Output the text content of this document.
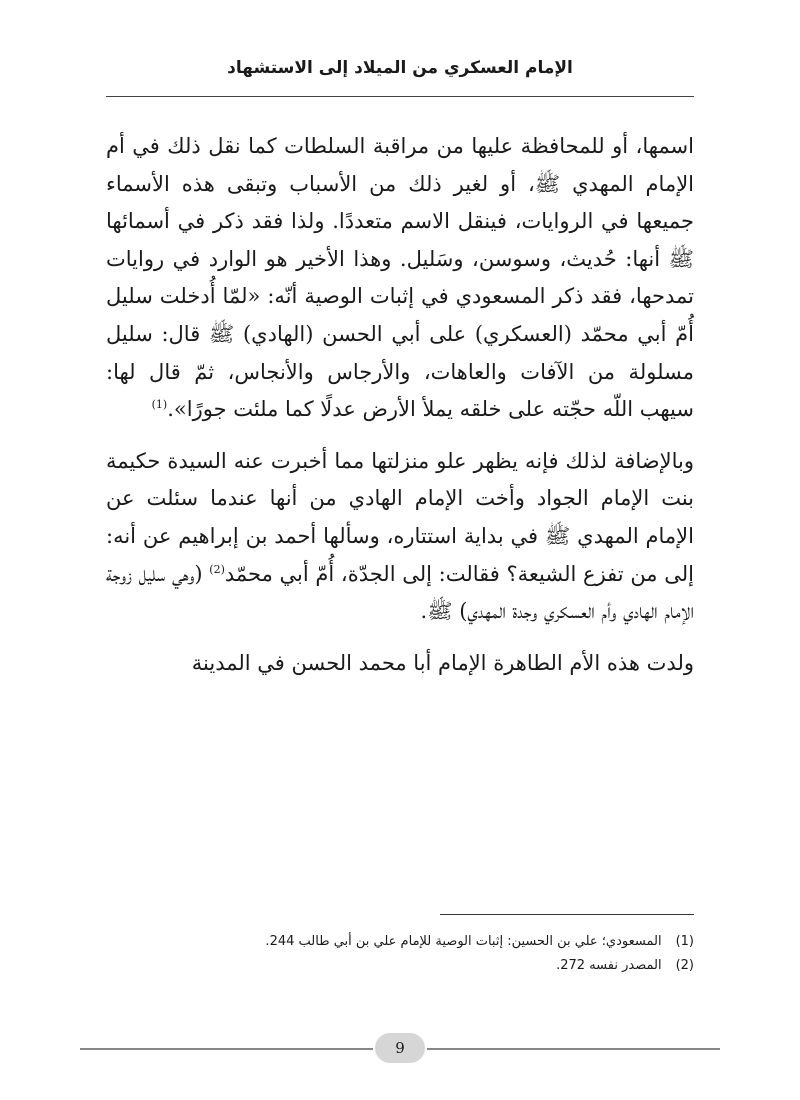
الإمام العسكري من الميلاد إلى الاستشهاد

اسمها، أو للمحافظة عليها من مراقبة السلطات كما نقل ذلك في أم الإمام المهدي ﷺ، أو لغير ذلك من الأسباب وتبقى هذه الأسماء جميعها في الروايات، فينقل الاسم متعددًا. ولذا فقد ذكر في أسمائها ﷺ أنها: حُديث، وسوسن، وسَليل. وهذا الأخير هو الوارد في روايات تمدحها، فقد ذكر المسعودي في إثبات الوصية أنّه: «لمّا أُدخلت سليل أُمّ أبي محمّد (العسكري) على أبي الحسن (الهادي) ﷺ قال: سليل مسلولة من الآفات والعاهات، والأرجاس والأنجاس، ثمّ قال لها: سيهب اللّه حجّته على خلقه يملأ الأرض عدلًا كما ملئت جورًا».$^{(1)}$

وبالإضافة لذلك فإنه يظهر علو منزلتها مما أخبرت عنه السيدة حكيمة بنت الإمام الجواد وأخت الإمام الهادي من أنها عندما سئلت عن الإمام المهدي ﷺ في بداية استتاره، وسألها أحمد بن إبراهيم عن أنه: إلى من تفزع الشيعة؟ فقالت: إلى الجدّة، أُمّ أبي محمّد$^{(2)}$ (وهي سليل زوجة الإمام الهادي وأم العسكري وجدة المهدي) ﷺ.

ولدت هذه الأم الطاهرة الإمام أبا محمد الحسن في المدينة

(1)
المسعودي؛ علي بن الحسين: إثبات الوصية للإمام علي بن أبي طالب 244.
(2)
المصدر نفسه 272.
9
